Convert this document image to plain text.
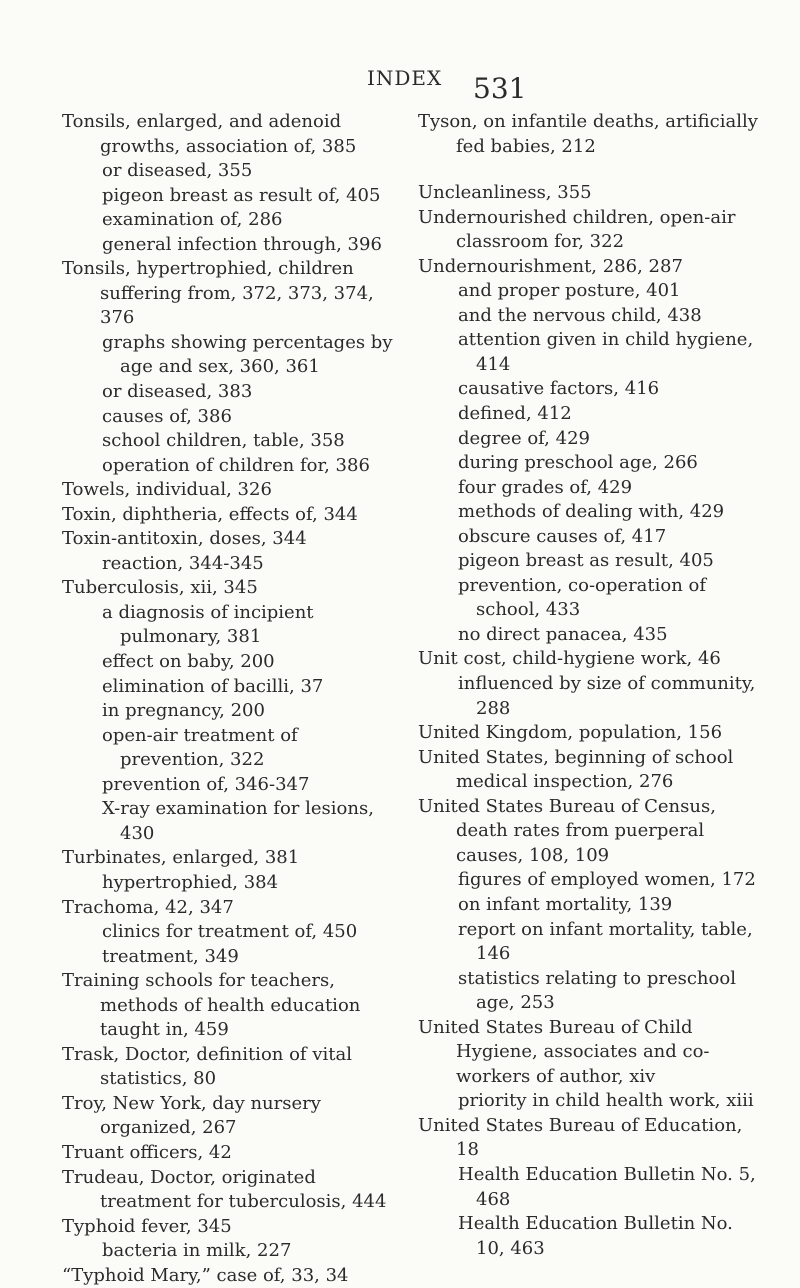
INDEX 531

Tonsils, enlarged, and adenoid growths, association of, 385

or diseased, 355

pigeon breast as result of, 405

examination of, 286

general infection through, 396

Tonsils, hypertrophied, children suffering from, 372, 373, 374, 376

graphs showing percentages by age and sex, 360, 361

or diseased, 383

causes of, 386

school children, table, 358

operation of children for, 386

Towels, individual, 326

Toxin, diphtheria, effects of, 344

Toxin-antitoxin, doses, 344

reaction, 344-345

Tuberculosis, xii, 345

a diagnosis of incipient pulmonary, 381

effect on baby, 200

elimination of bacilli, 37

in pregnancy, 200

open-air treatment of prevention, 322

prevention of, 346-347

X-ray examination for lesions, 430

Turbinates, enlarged, 381

hypertrophied, 384

Trachoma, 42, 347

clinics for treatment of, 450

treatment, 349

Training schools for teachers, methods of health education taught in, 459

Trask, Doctor, definition of vital statistics, 80

Troy, New York, day nursery organized, 267

Truant officers, 42

Trudeau, Doctor, originated treatment for tuberculosis, 444

Typhoid fever, 345

bacteria in milk, 227

“Typhoid Mary,” case of, 33, 34

Tyson, on infantile deaths, artificially fed babies, 212

Uncleanliness, 355

Undernourished children, open-air classroom for, 322

Undernourishment, 286, 287

and proper posture, 401

and the nervous child, 438

attention given in child hygiene, 414

causative factors, 416

defined, 412

degree of, 429

during preschool age, 266

four grades of, 429

methods of dealing with, 429

obscure causes of, 417

pigeon breast as result, 405

prevention, co-operation of school, 433

no direct panacea, 435

Unit cost, child-hygiene work, 46

influenced by size of community, 288

United Kingdom, population, 156

United States, beginning of school medical inspection, 276

United States Bureau of Census, death rates from puerperal causes, 108, 109

figures of employed women, 172

on infant mortality, 139

report on infant mortality, table, 146

statistics relating to preschool age, 253

United States Bureau of Child Hygiene, associates and co-workers of author, xiv

priority in child health work, xiii

United States Bureau of Education, 18

Health Education Bulletin No. 5, 468

Health Education Bulletin No. 10, 463
